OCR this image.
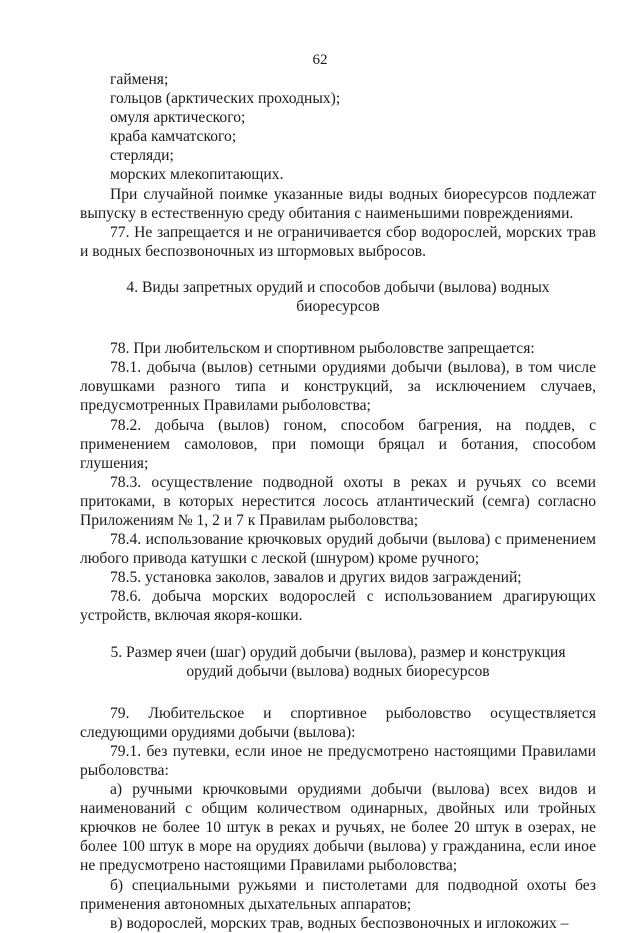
62

гайменя;

гольцов (арктических проходных);

омуля арктического;

краба камчатского;

стерляди;

морских млекопитающих.

При случайной поимке указанные виды водных биоресурсов подлежат выпуску в естественную среду обитания с наименьшими повреждениями.

77. Не запрещается и не ограничивается сбор водорослей, морских трав и водных беспозвоночных из штормовых выбросов.

4. Виды запретных орудий и способов добычи (вылова) водных биоресурсов

78. При любительском и спортивном рыболовстве запрещается:

78.1. добыча (вылов) сетными орудиями добычи (вылова), в том числе ловушками разного типа и конструкций, за исключением случаев, предусмотренных Правилами рыболовства;

78.2. добыча (вылов) гоном, способом багрения, на поддев, с применением самоловов, при помощи бряцал и ботания, способом глушения;

78.3. осуществление подводной охоты в реках и ручьях со всеми притоками, в которых нерестится лосось атлантический (семга) согласно Приложениям № 1, 2 и 7 к Правилам рыболовства;

78.4. использование крючковых орудий добычи (вылова) с применением любого привода катушки с леской (шнуром) кроме ручного;

78.5. установка заколов, завалов и других видов заграждений;

78.6. добыча морских водорослей с использованием драгирующих устройств, включая якоря-кошки.

5. Размер ячеи (шаг) орудий добычи (вылова), размер и конструкция орудий добычи (вылова) водных биоресурсов

79. Любительское и спортивное рыболовство осуществляется следующими орудиями добычи (вылова):

79.1. без путевки, если иное не предусмотрено настоящими Правилами рыболовства:

а) ручными крючковыми орудиями добычи (вылова) всех видов и наименований с общим количеством одинарных, двойных или тройных крючков не более 10 штук в реках и ручьях, не более 20 штук в озерах, не более 100 штук в море на орудиях добычи (вылова) у гражданина, если иное не предусмотрено настоящими Правилами рыболовства;

б) специальными ружьями и пистолетами для подводной охоты без применения автономных дыхательных аппаратов;

в) водорослей, морских трав, водных беспозвоночных и иглокожих –
